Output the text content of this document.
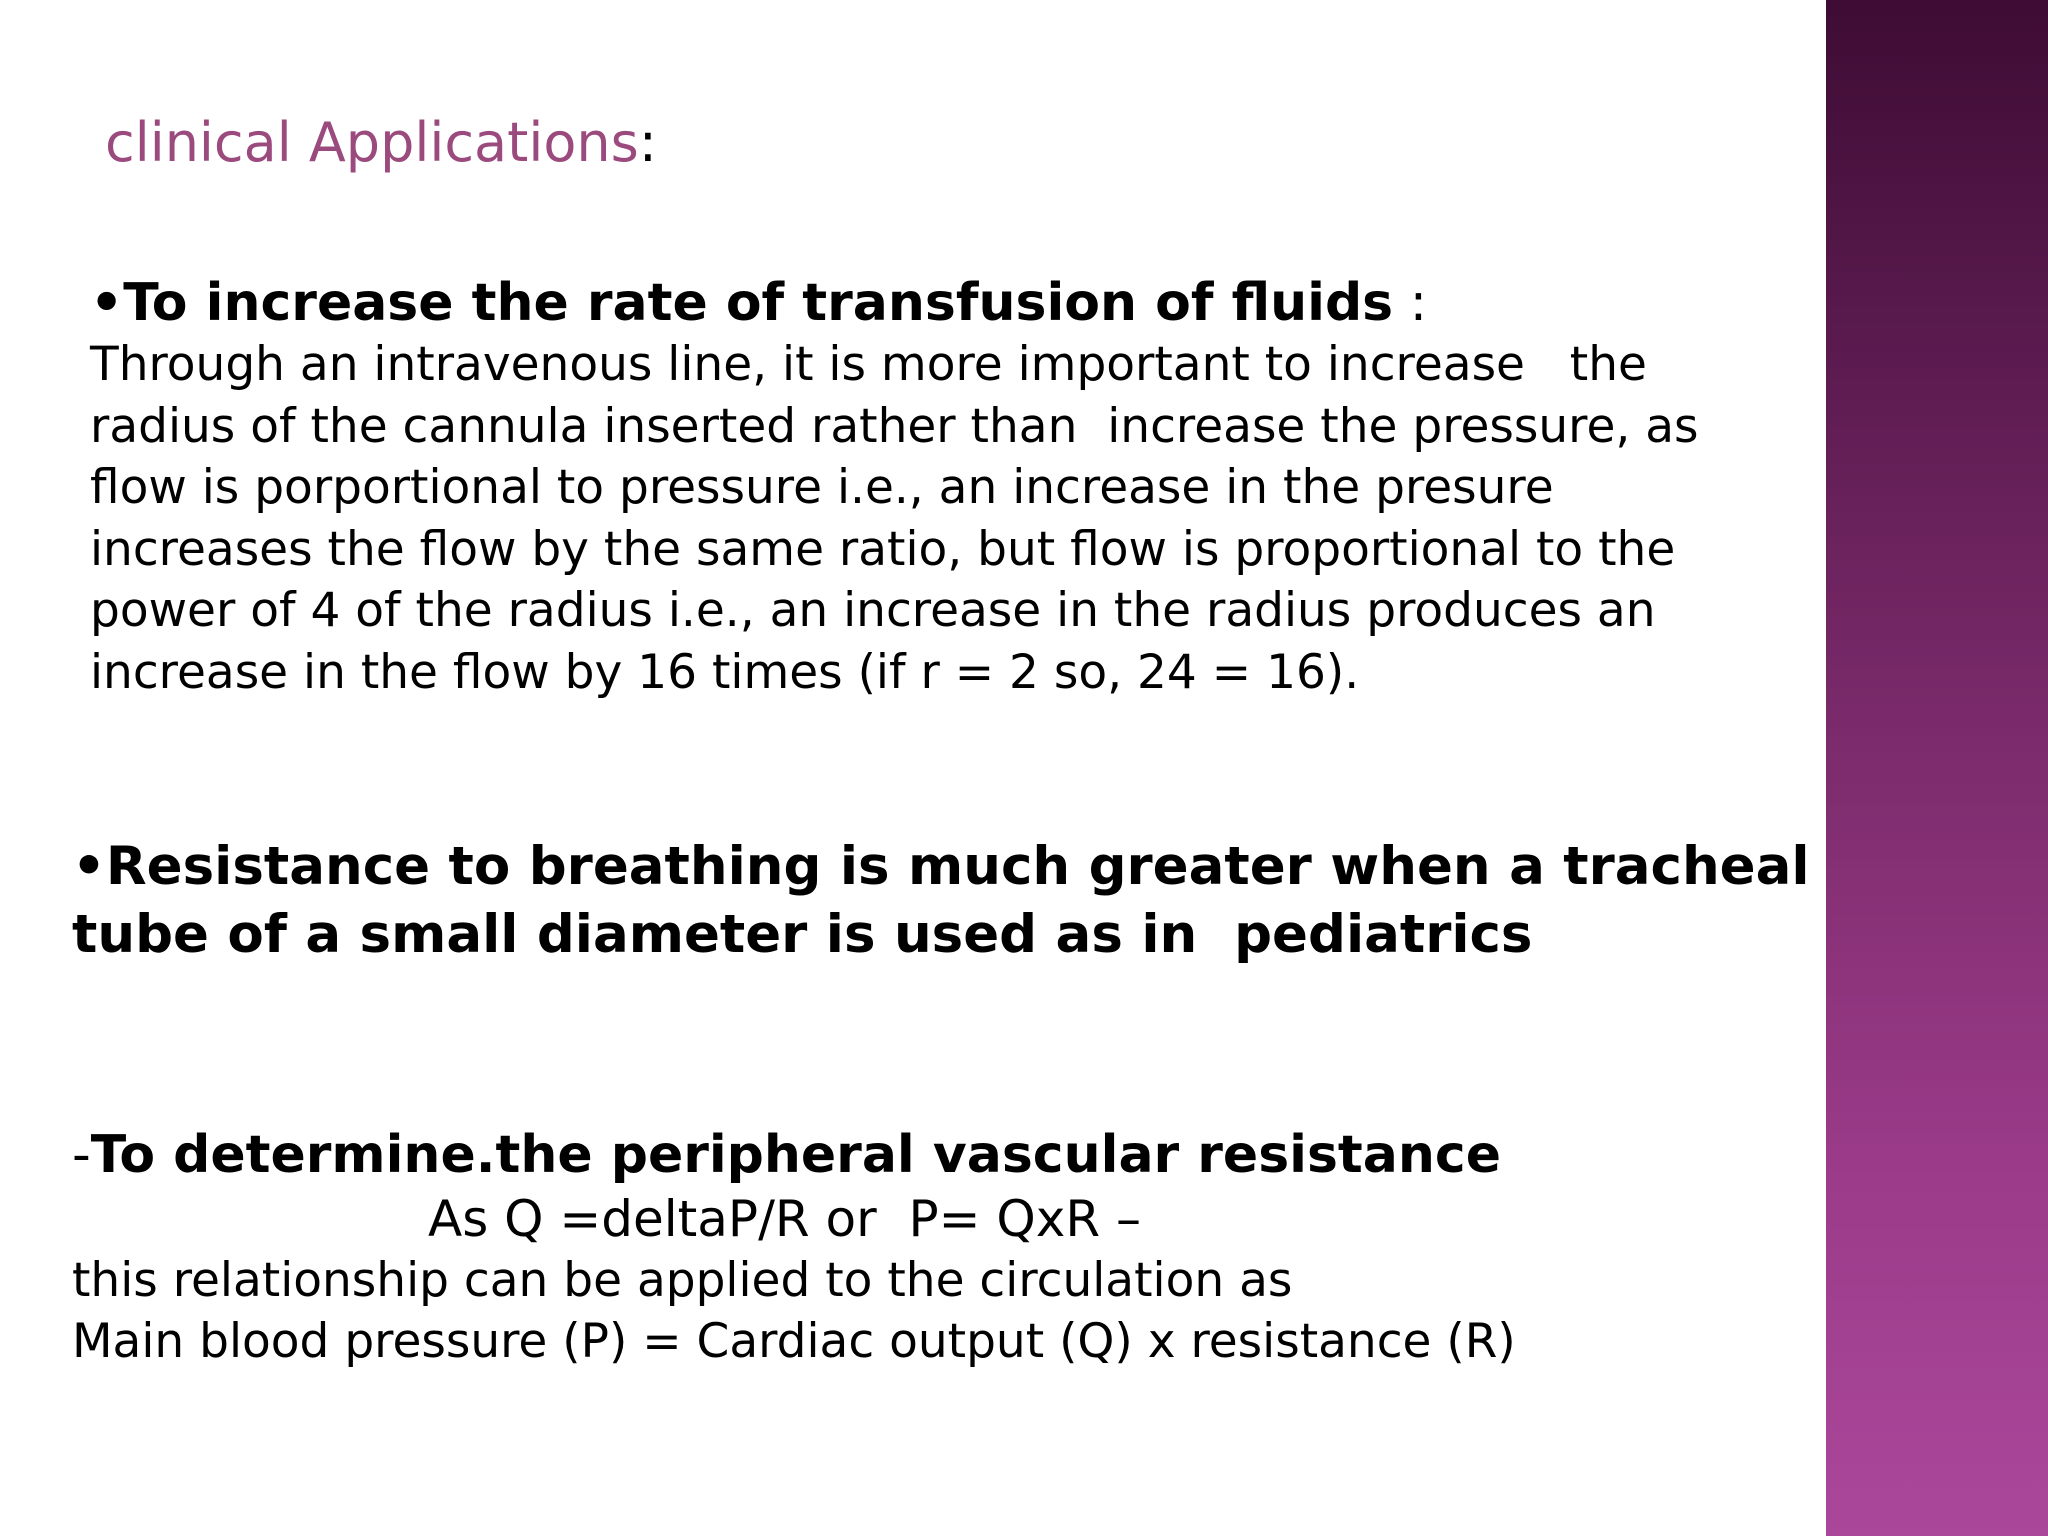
clinical Applications:

•To increase the rate of transfusion of fluids :

Through an intravenous line, it is more important to increase   the

radius of the cannula inserted rather than  increase the pressure, as

flow is porportional to pressure i.e., an increase in the presure

increases the flow by the same ratio, but flow is proportional to the

power of 4 of the radius i.e., an increase in the radius produces an

increase in the flow by 16 times (if r = 2 so, 24 = 16).

•Resistance to breathing is much greater when a tracheal

tube of a small diameter is used as in  pediatrics

-To determine.the peripheral vascular resistance

As Q =deltaP/R or  P= QxR –

this relationship can be applied to the circulation as

Main blood pressure (P) = Cardiac output (Q) x resistance (R)
